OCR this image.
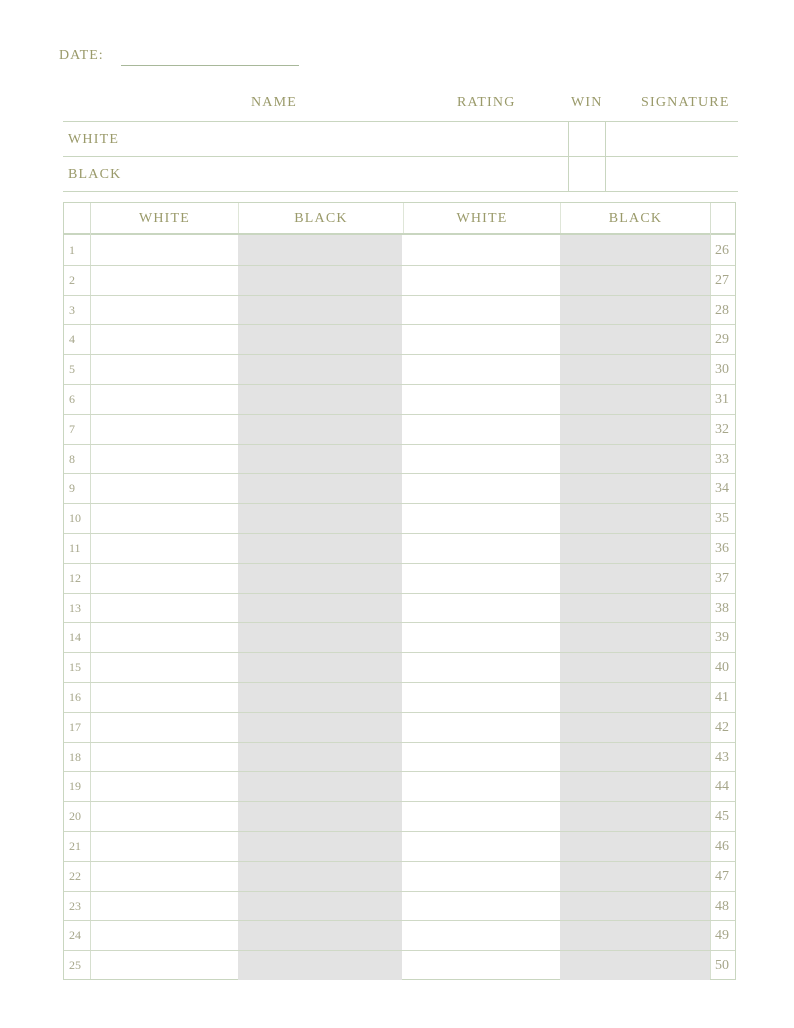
DATE:
NAME	RATING	WIN	SIGNATURE
WHITE
BLACK
WHITE	BLACK	WHITE	BLACK
1	26
2	27
3	28
4	29
5	30
6	31
7	32
8	33
9	34
10	35
11	36
12	37
13	38
14	39
15	40
16	41
17	42
18	43
19	44
20	45
21	46
22	47
23	48
24	49
25	50
